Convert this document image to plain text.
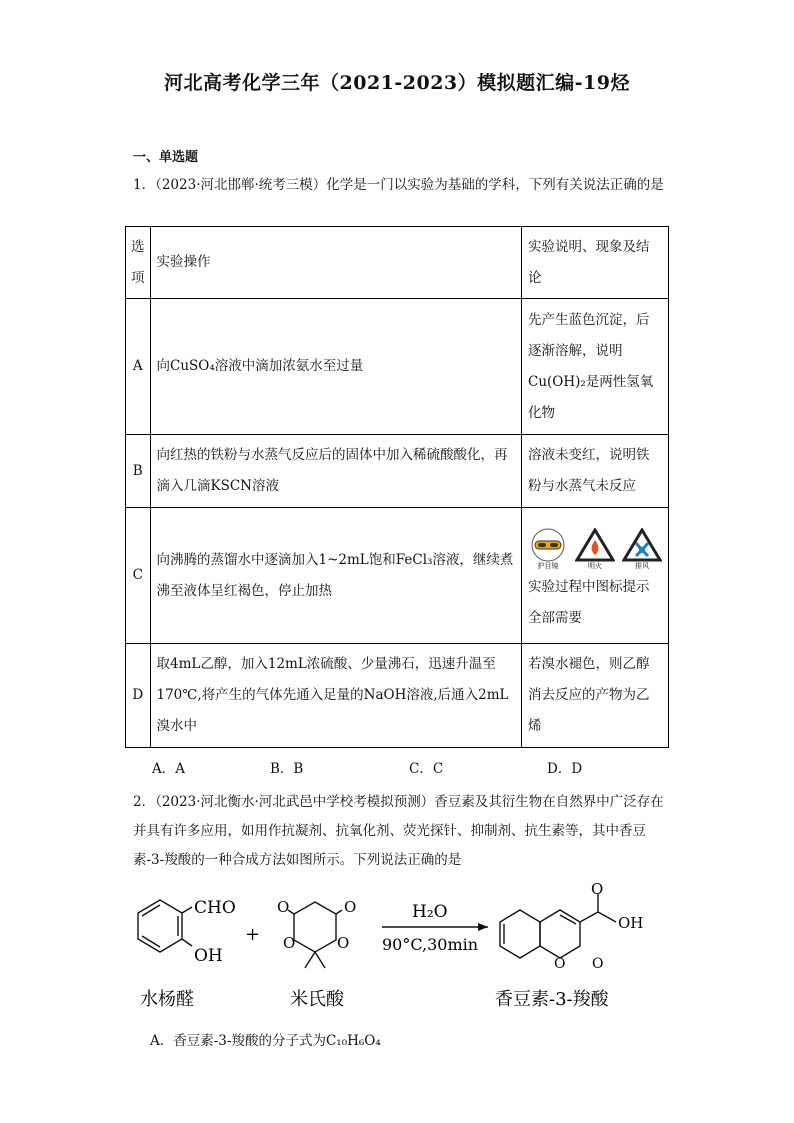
河北高考化学三年（2021-2023）模拟题汇编-19烃
一、单选题
1．（2023·河北邯郸·统考三模）化学是一门以实验为基础的学科，下列有关说法正确的是
选项	实验操作	实验说明、现象及结论
A	向CuSO₄溶液中滴加浓氨水至过量	先产生蓝色沉淀，后逐渐溶解，说明Cu(OH)₂是两性氢氧化物
B	向红热的铁粉与水蒸气反应后的固体中加入稀硫酸酸化，再滴入几滴KSCN溶液	溶液未变红，说明铁粉与水蒸气未反应
C	向沸腾的蒸馏水中逐滴加入1~2mL饱和FeCl₃溶液，继续煮沸至液体呈红褐色，停止加热	护目镜 明火 排风
实验过程中图标提示全部需要

D	取4mL乙醇，加入12mL浓硫酸、少量沸石，迅速升温至170℃,将产生的气体先通入足量的NaOH溶液,后通入2mL溴水中	若溴水褪色，则乙醇消去反应的产物为乙烯
A．A	B．B	C．C	D．D
2．（2023·河北衡水·河北武邑中学校考模拟预测）香豆素及其衍生物在自然界中广泛存在并具有许多应用，如用作抗凝剂、抗氧化剂、荧光探针、抑制剂、抗生素等，其中香豆素-3-羧酸的一种合成方法如图所示。下列说法正确的是
CHO
OH
+
O	O
O	O
H₂O
90°C,30min
O
OH
O O
水杨醛	米氏酸	香豆素-3-羧酸
A．香豆素-3-羧酸的分子式为C₁₀H₆O₄
